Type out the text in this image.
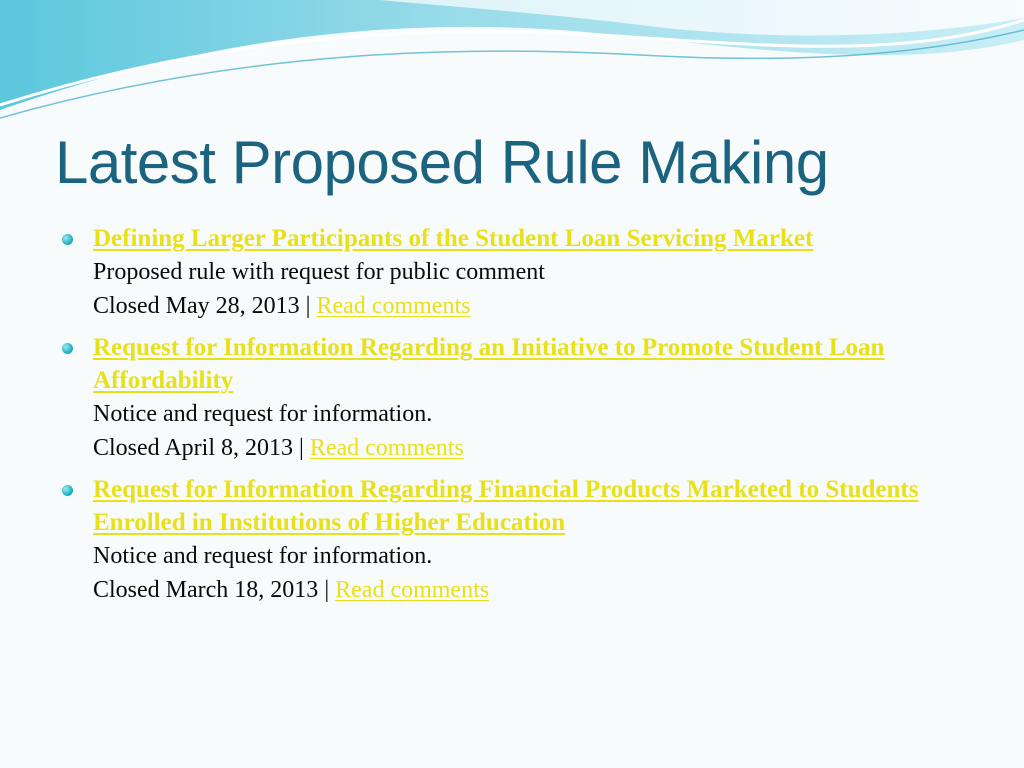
Latest Proposed Rule Making
Defining Larger Participants of the Student Loan Servicing Market
Proposed rule with request for public comment
Closed May 28, 2013 | Read comments
Request for Information Regarding an Initiative to Promote Student Loan Affordability
Notice and request for information.
Closed April 8, 2013 | Read comments
Request for Information Regarding Financial Products Marketed to Students Enrolled in Institutions of Higher Education
Notice and request for information.
Closed March 18, 2013 | Read comments
